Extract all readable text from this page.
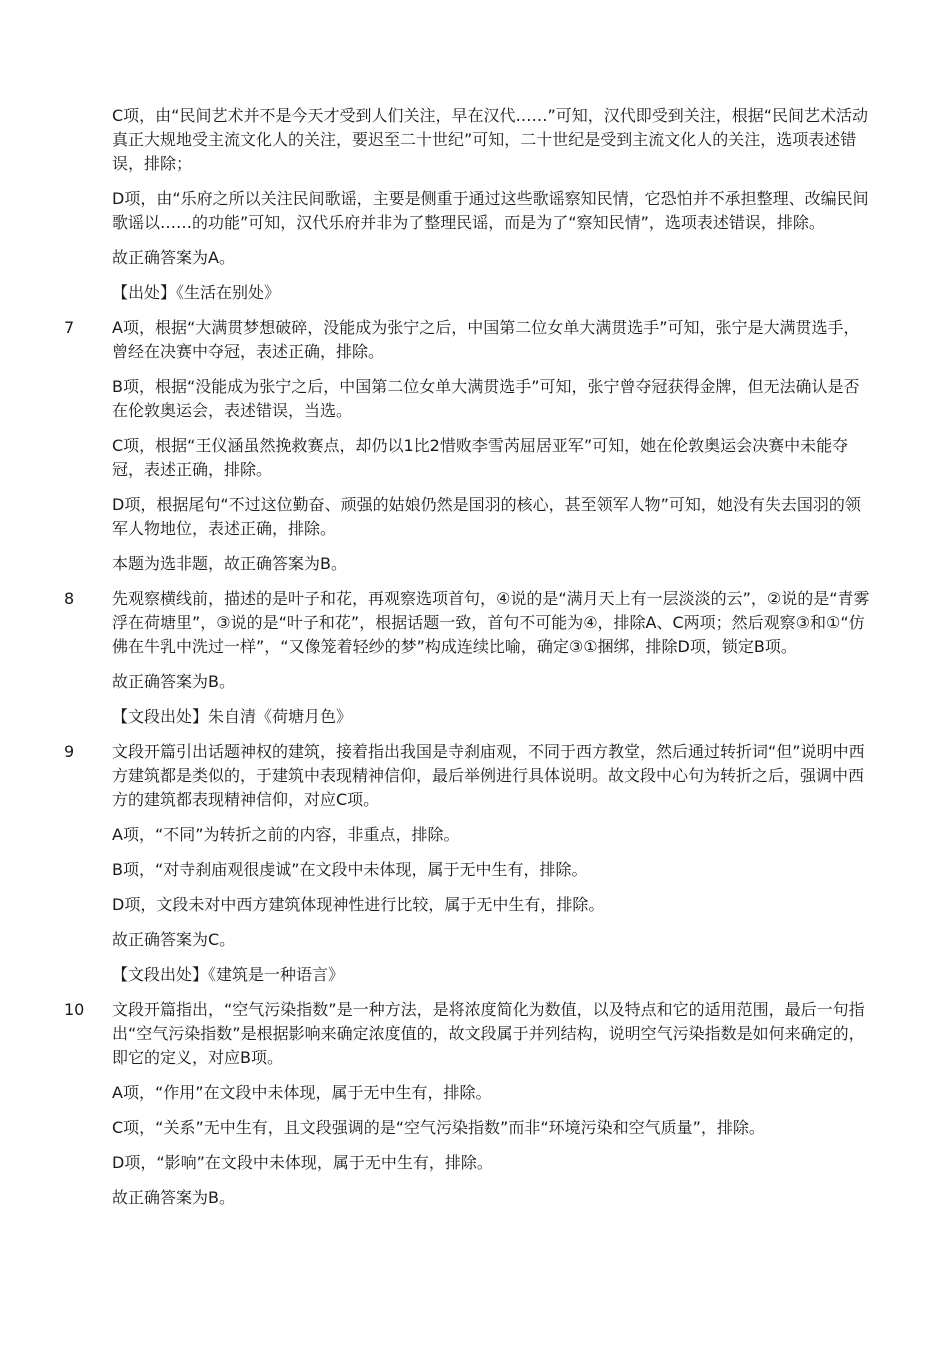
C项，由“民间艺术并不是今天才受到人们关注，早在汉代……”可知，汉代即受到关注，根据“民间艺术活动真正大规地受主流文化人的关注，要迟至二十世纪”可知，二十世纪是受到主流文化人的关注，选项表述错误，排除；

D项，由“乐府之所以关注民间歌谣，主要是侧重于通过这些歌谣察知民情，它恐怕并不承担整理、改编民间歌谣以……的功能”可知，汉代乐府并非为了整理民谣，而是为了“察知民情”，选项表述错误，排除。

故正确答案为A。

【出处】《生活在别处》

7	A项，根据“大满贯梦想破碎，没能成为张宁之后，中国第二位女单大满贯选手”可知，张宁是大满贯选手，曾经在决赛中夺冠，表述正确，排除。

B项，根据“没能成为张宁之后，中国第二位女单大满贯选手”可知，张宁曾夺冠获得金牌，但无法确认是否在伦敦奥运会，表述错误，当选。

C项，根据“王仪涵虽然挽救赛点，却仍以1比2惜败李雪芮屈居亚军”可知，她在伦敦奥运会决赛中未能夺冠，表述正确，排除。

D项，根据尾句“不过这位勤奋、顽强的姑娘仍然是国羽的核心，甚至领军人物”可知，她没有失去国羽的领军人物地位，表述正确，排除。

本题为选非题，故正确答案为B。

8	先观察横线前，描述的是叶子和花，再观察选项首句，④说的是“满月天上有一层淡淡的云”，②说的是“青雾浮在荷塘里”，③说的是“叶子和花”，根据话题一致，首句不可能为④，排除A、C两项；然后观察③和①“仿佛在牛乳中洗过一样”，“又像笼着轻纱的梦”构成连续比喻，确定③①捆绑，排除D项，锁定B项。

故正确答案为B。

【文段出处】朱自清《荷塘月色》

9	文段开篇引出话题神权的建筑，接着指出我国是寺刹庙观，不同于西方教堂，然后通过转折词“但”说明中西方建筑都是类似的，于建筑中表现精神信仰，最后举例进行具体说明。故文段中心句为转折之后，强调中西方的建筑都表现精神信仰，对应C项。

A项，“不同”为转折之前的内容，非重点，排除。

B项，“对寺刹庙观很虔诚”在文段中未体现，属于无中生有，排除。

D项，文段未对中西方建筑体现神性进行比较，属于无中生有，排除。

故正确答案为C。

【文段出处】《建筑是一种语言》

10	文段开篇指出，“空气污染指数”是一种方法，是将浓度简化为数值，以及特点和它的适用范围，最后一句指出“空气污染指数”是根据影响来确定浓度值的，故文段属于并列结构，说明空气污染指数是如何来确定的，即它的定义，对应B项。

A项，“作用”在文段中未体现，属于无中生有，排除。

C项，“关系”无中生有，且文段强调的是“空气污染指数”而非“环境污染和空气质量”，排除。

D项，“影响”在文段中未体现，属于无中生有，排除。

故正确答案为B。
